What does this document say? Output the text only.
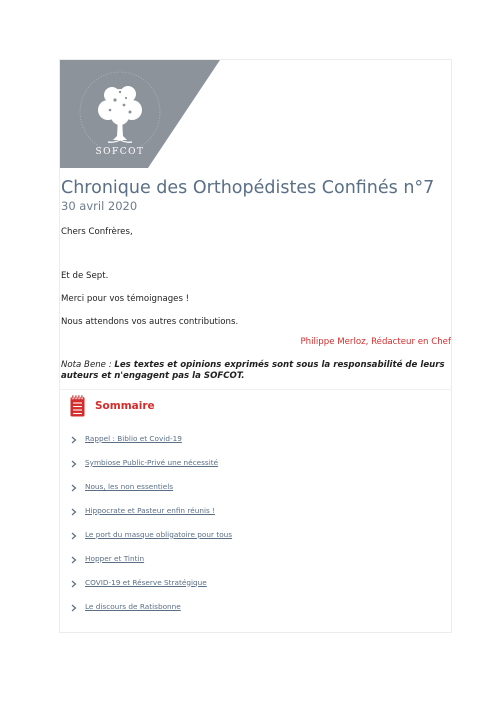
SOFCOT
Chronique des Orthopédistes Confinés n°7
30 avril 2020
Chers Confrères,
Et de Sept.
Merci pour vos témoignages !
Nous attendons vos autres contributions.
Philippe Merloz, Rédacteur en Chef
Nota Bene : Les textes et opinions exprimés sont sous la responsabilité de leurs auteurs et n'engagent pas la SOFCOT.
Sommaire
Rappel : Biblio et Covid-19
Symbiose Public-Privé une nécessité
Nous, les non essentiels
Hippocrate et Pasteur enfin réunis !
Le port du masque obligatoire pour tous
Hopper et Tintin
COVID-19 et Réserve Stratégique
Le discours de Ratisbonne
